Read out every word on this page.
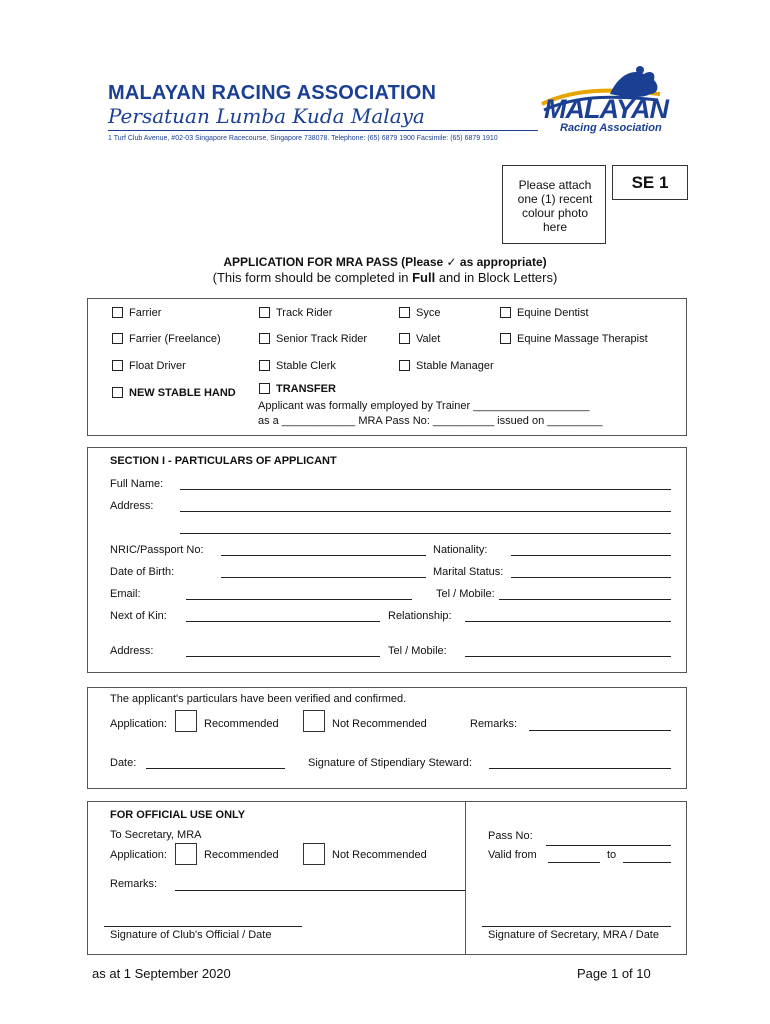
MALAYAN RACING ASSOCIATION
Persatuan Lumba Kuda Malaya
1 Turf Club Avenue, #02-03 Singapore Racecourse, Singapore 738078. Telephone: (65) 6879 1900 Facsimile: (65) 6879 1910
MALAYAN
Racing Association
Please attach one (1) recent colour photo here
SE 1
APPLICATION FOR MRA PASS (Please ✓ as appropriate)
(This form should be completed in Full and in Block Letters)
Farrier	Track Rider	Syce	Equine Dentist
Farrier (Freelance)	Senior Track Rider	Valet	Equine Massage Therapist
Float Driver	Stable Clerk	Stable Manager
NEW STABLE HAND	TRANSFER
Applicant was formally employed by Trainer ___________________
as a ____________ MRA Pass No: __________ issued on _________
SECTION I - PARTICULARS OF APPLICANT
Full Name:
Address:
NRIC/Passport No:	Nationality:
Date of Birth:	Marital Status:
Email:	Tel / Mobile:
Next of Kin:	Relationship:
Address:	Tel / Mobile:
The applicant's particulars have been verified and confirmed.
Application:	Recommended	Not Recommended	Remarks:
Date:	Signature of Stipendiary Steward:
FOR OFFICIAL USE ONLY
To Secretary, MRA
Application:	Recommended	Not Recommended
Remarks:
Signature of Club's Official / Date
Pass No:
Valid from	to
Signature of Secretary, MRA / Date
as at 1 September 2020	Page 1 of 10
